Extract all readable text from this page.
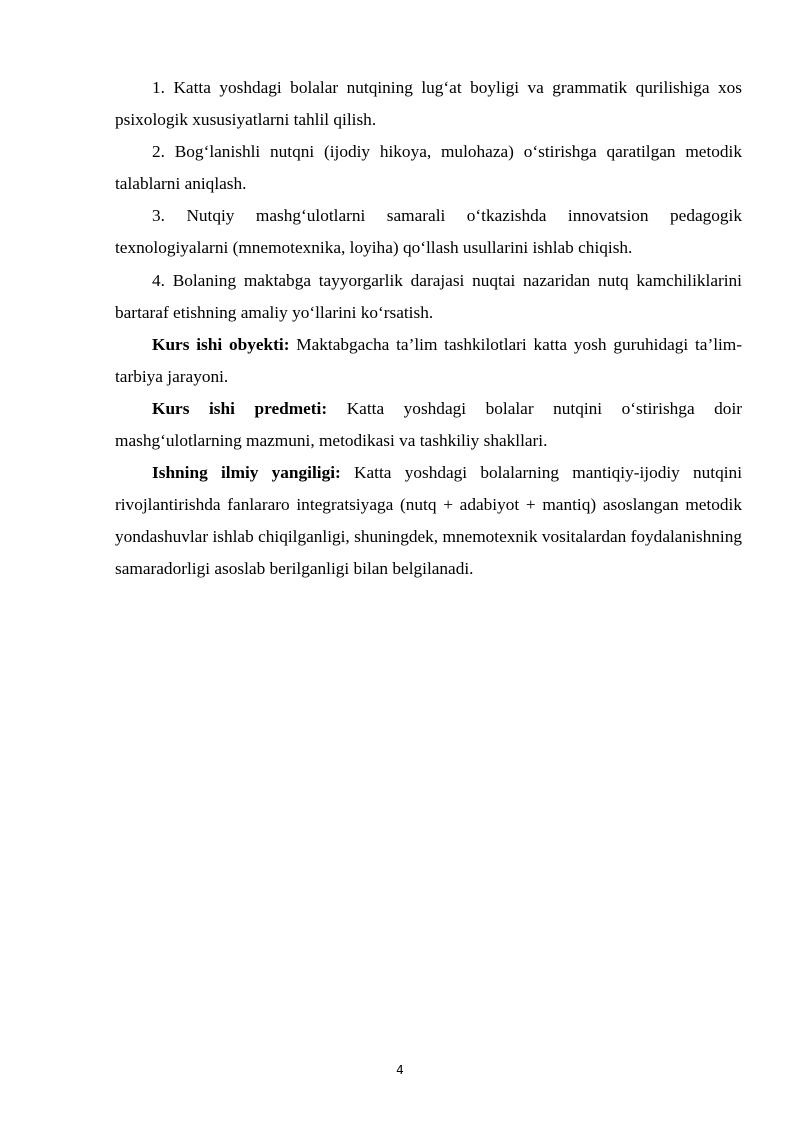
1. Katta yoshdagi bolalar nutqining lug‘at boyligi va grammatik qurilishiga xos psixologik xususiyatlarni tahlil qilish.

2. Bog‘lanishli nutqni (ijodiy hikoya, mulohaza) o‘stirishga qaratilgan metodik talablarni aniqlash.

3. Nutqiy mashg‘ulotlarni samarali o‘tkazishda innovatsion pedagogik texnologiyalarni (mnemotexnika, loyiha) qo‘llash usullarini ishlab chiqish.

4. Bolaning maktabga tayyorgarlik darajasi nuqtai nazaridan nutq kamchiliklarini bartaraf etishning amaliy yo‘llarini ko‘rsatish.

Kurs ishi obyekti: Maktabgacha ta’lim tashkilotlari katta yosh guruhidagi ta’lim-tarbiya jarayoni.

Kurs ishi predmeti: Katta yoshdagi bolalar nutqini o‘stirishga doir mashg‘ulotlarning mazmuni, metodikasi va tashkiliy shakllari.

Ishning ilmiy yangiligi: Katta yoshdagi bolalarning mantiqiy-ijodiy nutqini rivojlantirishda fanlararo integratsiyaga (nutq + adabiyot + mantiq) asoslangan metodik yondashuvlar ishlab chiqilganligi, shuningdek, mnemotexnik vositalardan foydalanishning samaradorligi asoslab berilganligi bilan belgilanadi.

4
